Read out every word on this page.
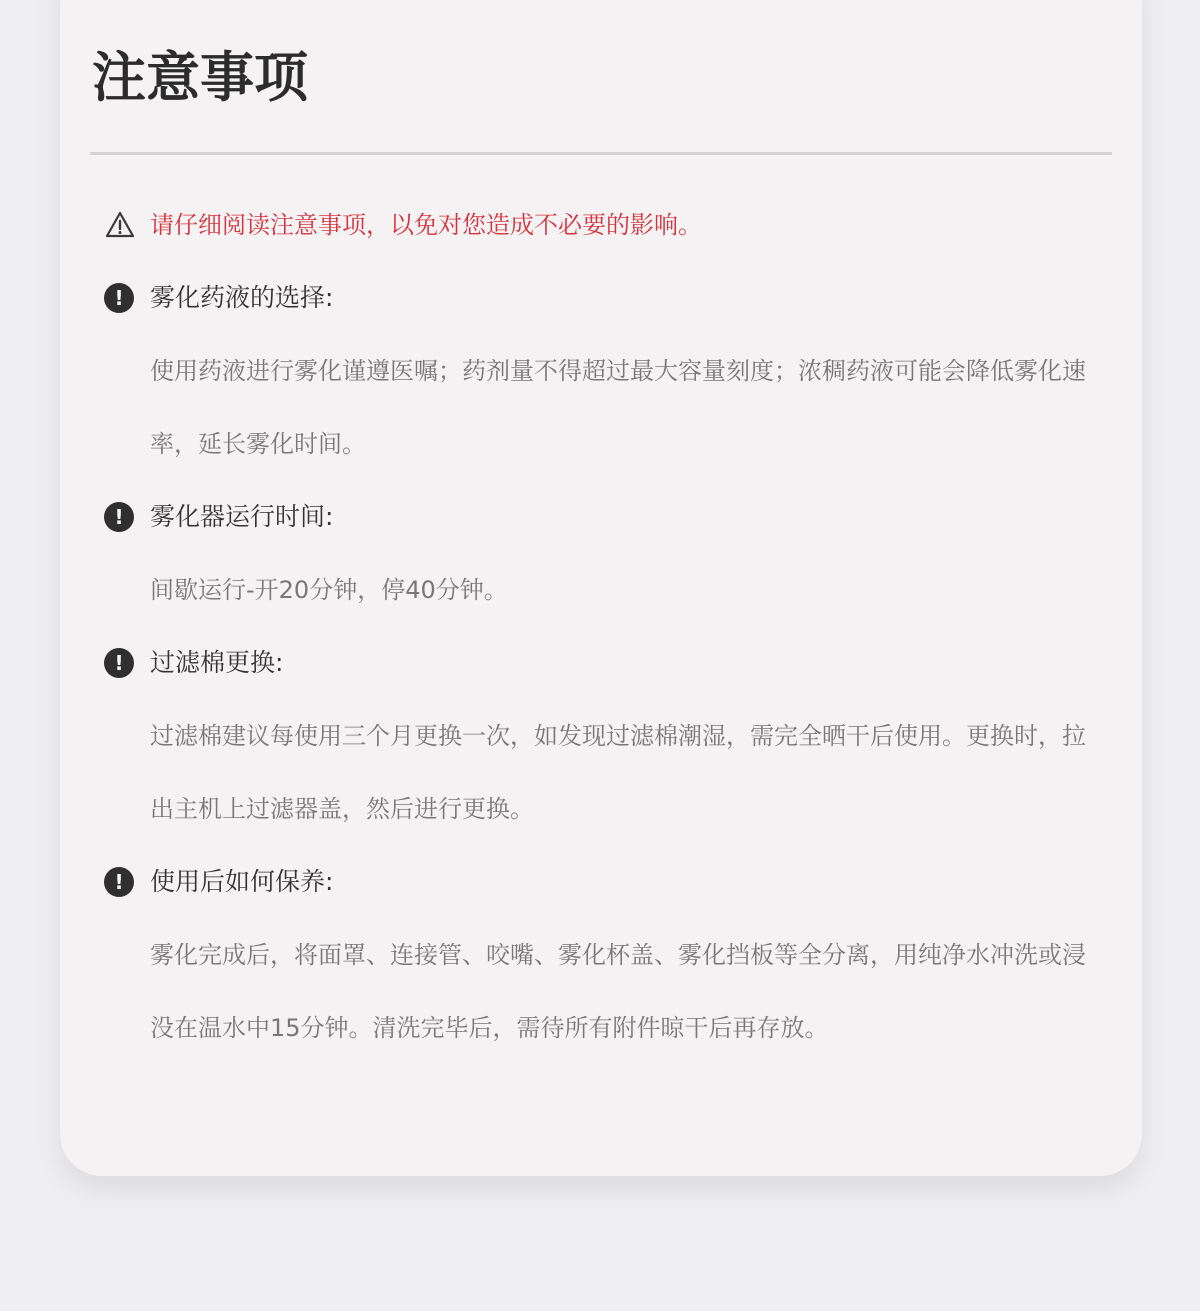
注意事项
请仔细阅读注意事项，以免对您造成不必要的影响。
!	雾化药液的选择:

使用药液进行雾化谨遵医嘱；药剂量不得超过最大容量刻度；浓稠药液可能会降低雾化速率，延长雾化时间。

!	雾化器运行时间:

间歇运行-开20分钟，停40分钟。

!	过滤棉更换:

过滤棉建议每使用三个月更换一次，如发现过滤棉潮湿，需完全晒干后使用。更换时，拉出主机上过滤器盖，然后进行更换。

!	使用后如何保养:

雾化完成后，将面罩、连接管、咬嘴、雾化杯盖、雾化挡板等全分离，用纯净水冲洗或浸没在温水中15分钟。清洗完毕后，需待所有附件晾干后再存放。
